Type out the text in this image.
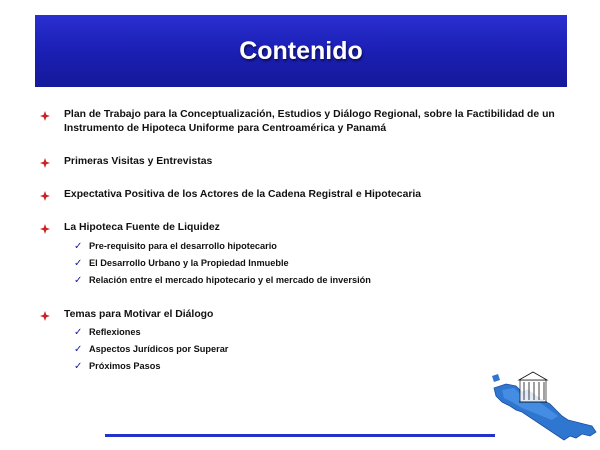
Contenido
Plan de Trabajo para la Conceptualización, Estudios y Diálogo Regional, sobre la Factibilidad de un Instrumento de Hipoteca Uniforme para Centroamérica y Panamá
Primeras Visitas y Entrevistas
Expectativa Positiva de los Actores de la Cadena Registral e Hipotecaria
La Hipoteca Fuente de Liquidez
✓ Pre-requisito para el desarrollo hipotecario
✓ El Desarrollo Urbano y la Propiedad Inmueble
✓ Relación entre el mercado hipotecario y el mercado de inversión
Temas para Motivar el Diálogo
✓ Reflexiones
✓ Aspectos Jurídicos por Superar
✓ Próximos Pasos
